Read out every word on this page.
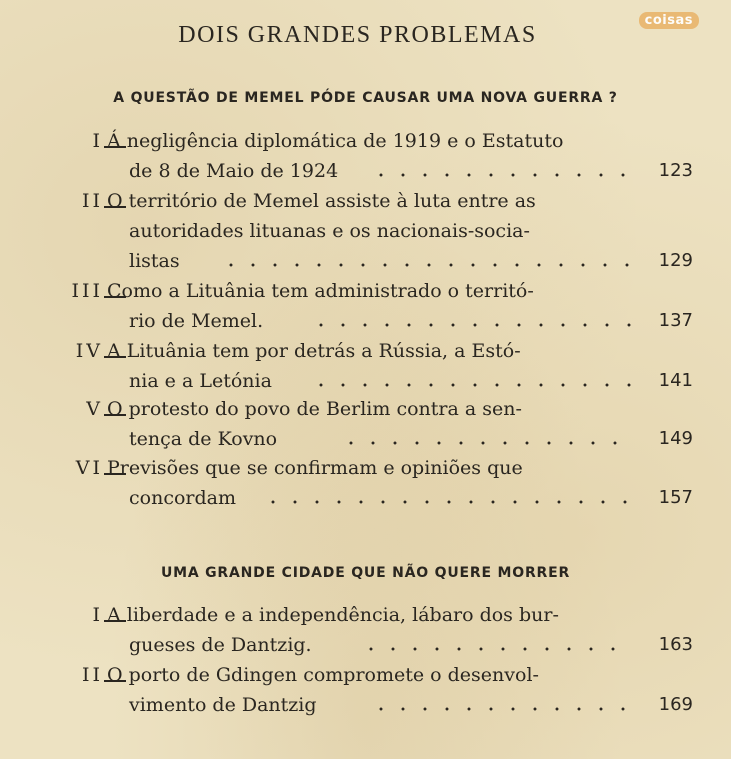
coisas
DOIS GRANDES PROBLEMAS
A QUESTÃO DE MEMEL PÓDE CAUSAR UMA NOVA GUERRA ?
I Á negligência diplomática de 1919 e o Estatuto
de 8 de Maio de 1924	123
II O território de Memel assiste à luta entre as
autoridades lituanas e os nacionais-socia-
listas	129
III Como a Lituânia tem administrado o territó-
rio de Memel.	137
IV A Lituânia tem por detrás a Rússia, a Estó-
nia e a Letónia	141
V O protesto do povo de Berlim contra a sen-
tença de Kovno	149
VI Previsões que se confirmam e opiniões que
concordam	157
UMA GRANDE CIDADE QUE NÃO QUERE MORRER
I A liberdade e a independência, lábaro dos bur-
gueses de Dantzig.	163
II O porto de Gdingen compromete o desenvol-
vimento de Dantzig	169
